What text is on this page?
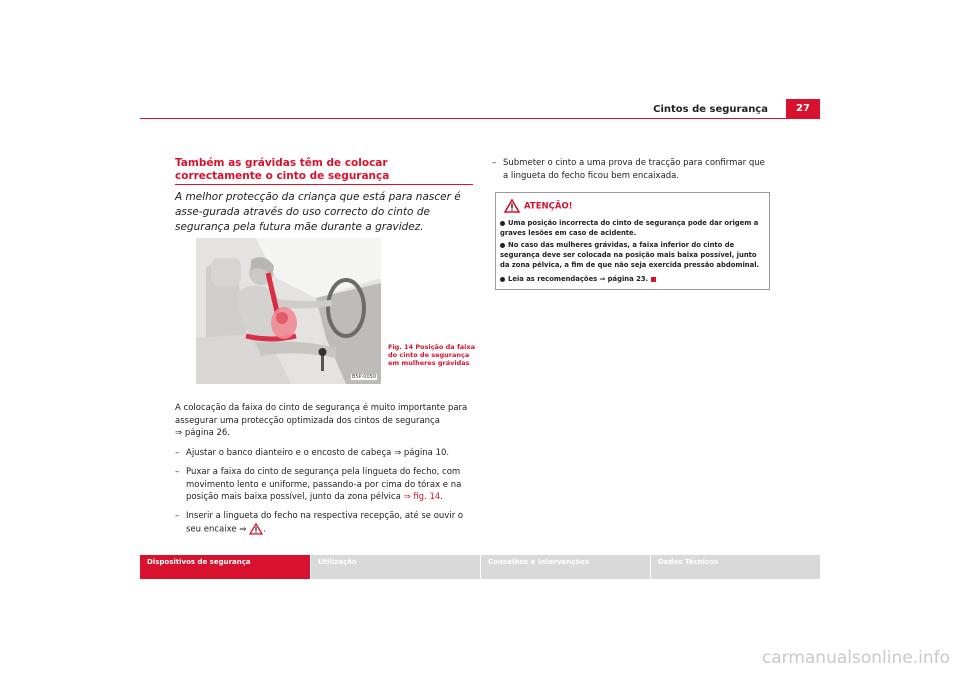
Cintos de segurança	27
Também as grávidas têm de colocar correctamente o cinto de segurança
A melhor protecção da criança que está para nascer é asse-gurada através do uso correcto do cinto de segurança pela futura mãe durante a gravidez.
B5P-0050
Fig. 14 Posição da faixa do cinto de segurança em mulheres grávidas
A colocação da faixa do cinto de segurança é muito importante para assegurar uma protecção optimizada dos cintos de segurança
⇒ página 26.
– Ajustar o banco dianteiro e o encosto de cabeça ⇒ página 10.
– Puxar a faixa do cinto de segurança pela lingueta do fecho, com movimento lento e uniforme, passando-a por cima do tórax e na posição mais baixa possível, junto da zona pélvica ⇒ fig. 14.
– Inserir a lingueta do fecho na respectiva recepção, até se ouvir o seu encaixe ⇒ .
– Submeter o cinto a uma prova de tracção para confirmar que a lingueta do fecho ficou bem encaixada.
ATENÇÃO!
Uma posição incorrecta do cinto de segurança pode dar origem a graves lesões em caso de acidente.
No caso das mulheres grávidas, a faixa inferior do cinto de segurança deve ser colocada na posição mais baixa possível, junto da zona pélvica, a fim de que não seja exercida pressão abdominal.
Leia as recomendações ⇒ página 23.
Dispositivos de segurança	Utilização	Conselhos e Intervenções	Dados Técnicos
carmanualsonline.info
